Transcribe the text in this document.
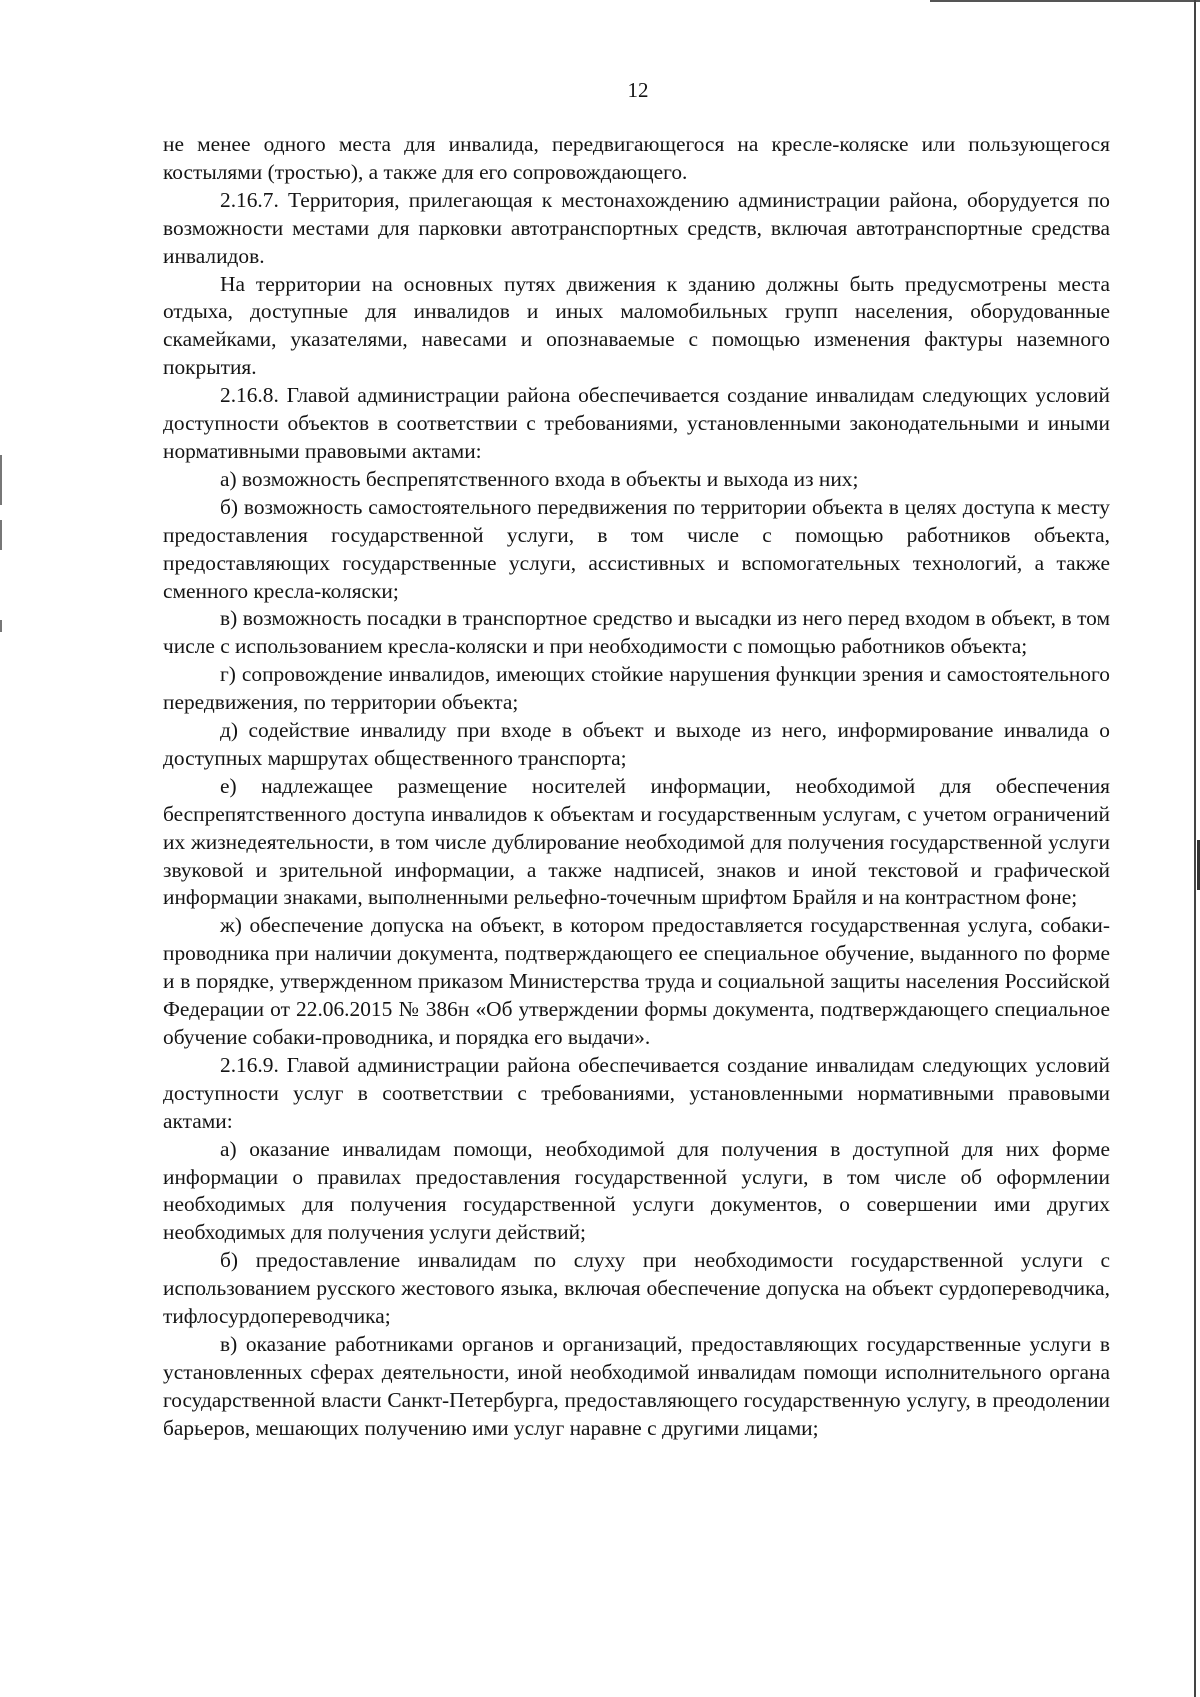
12

не менее одного места для инвалида, передвигающегося на кресле-коляске или пользующегося костылями (тростью), а также для его сопровождающего.

2.16.7. Территория, прилегающая к местонахождению администрации района, оборудуется по возможности местами для парковки автотранспортных средств, включая автотранспортные средства инвалидов.

На территории на основных путях движения к зданию должны быть предусмотрены места отдыха, доступные для инвалидов и иных маломобильных групп населения, оборудованные скамейками, указателями, навесами и опознаваемые с помощью изменения фактуры наземного покрытия.

2.16.8. Главой администрации района обеспечивается создание инвалидам следующих условий доступности объектов в соответствии с требованиями, установленными законодательными и иными нормативными правовыми актами:

а) возможность беспрепятственного входа в объекты и выхода из них;

б) возможность самостоятельного передвижения по территории объекта в целях доступа к месту предоставления государственной услуги, в том числе с помощью работников объекта, предоставляющих государственные услуги, ассистивных и вспомогательных технологий, а также сменного кресла-коляски;

в) возможность посадки в транспортное средство и высадки из него перед входом в объект, в том числе с использованием кресла-коляски и при необходимости с помощью работников объекта;

г) сопровождение инвалидов, имеющих стойкие нарушения функции зрения и самостоятельного передвижения, по территории объекта;

д) содействие инвалиду при входе в объект и выходе из него, информирование инвалида о доступных маршрутах общественного транспорта;

е) надлежащее размещение носителей информации, необходимой для обеспечения беспрепятственного доступа инвалидов к объектам и государственным услугам, с учетом ограничений их жизнедеятельности, в том числе дублирование необходимой для получения государственной услуги звуковой и зрительной информации, а также надписей, знаков и иной текстовой и графической информации знаками, выполненными рельефно-точечным шрифтом Брайля и на контрастном фоне;

ж) обеспечение допуска на объект, в котором предоставляется государственная услуга, собаки-проводника при наличии документа, подтверждающего ее специальное обучение, выданного по форме и в порядке, утвержденном приказом Министерства труда и социальной защиты населения Российской Федерации от 22.06.2015 № 386н «Об утверждении формы документа, подтверждающего специальное обучение собаки-проводника, и порядка его выдачи».

2.16.9. Главой администрации района обеспечивается создание инвалидам следующих условий доступности услуг в соответствии с требованиями, установленными нормативными правовыми актами:

а) оказание инвалидам помощи, необходимой для получения в доступной для них форме информации о правилах предоставления государственной услуги, в том числе об оформлении необходимых для получения государственной услуги документов, о совершении ими других необходимых для получения услуги действий;

б) предоставление инвалидам по слуху при необходимости государственной услуги с использованием русского жестового языка, включая обеспечение допуска на объект сурдопереводчика, тифлосурдопереводчика;

в) оказание работниками органов и организаций, предоставляющих государственные услуги в установленных сферах деятельности, иной необходимой инвалидам помощи исполнительного органа государственной власти Санкт-Петербурга, предоставляющего государственную услугу, в преодолении барьеров, мешающих получению ими услуг наравне с другими лицами;
